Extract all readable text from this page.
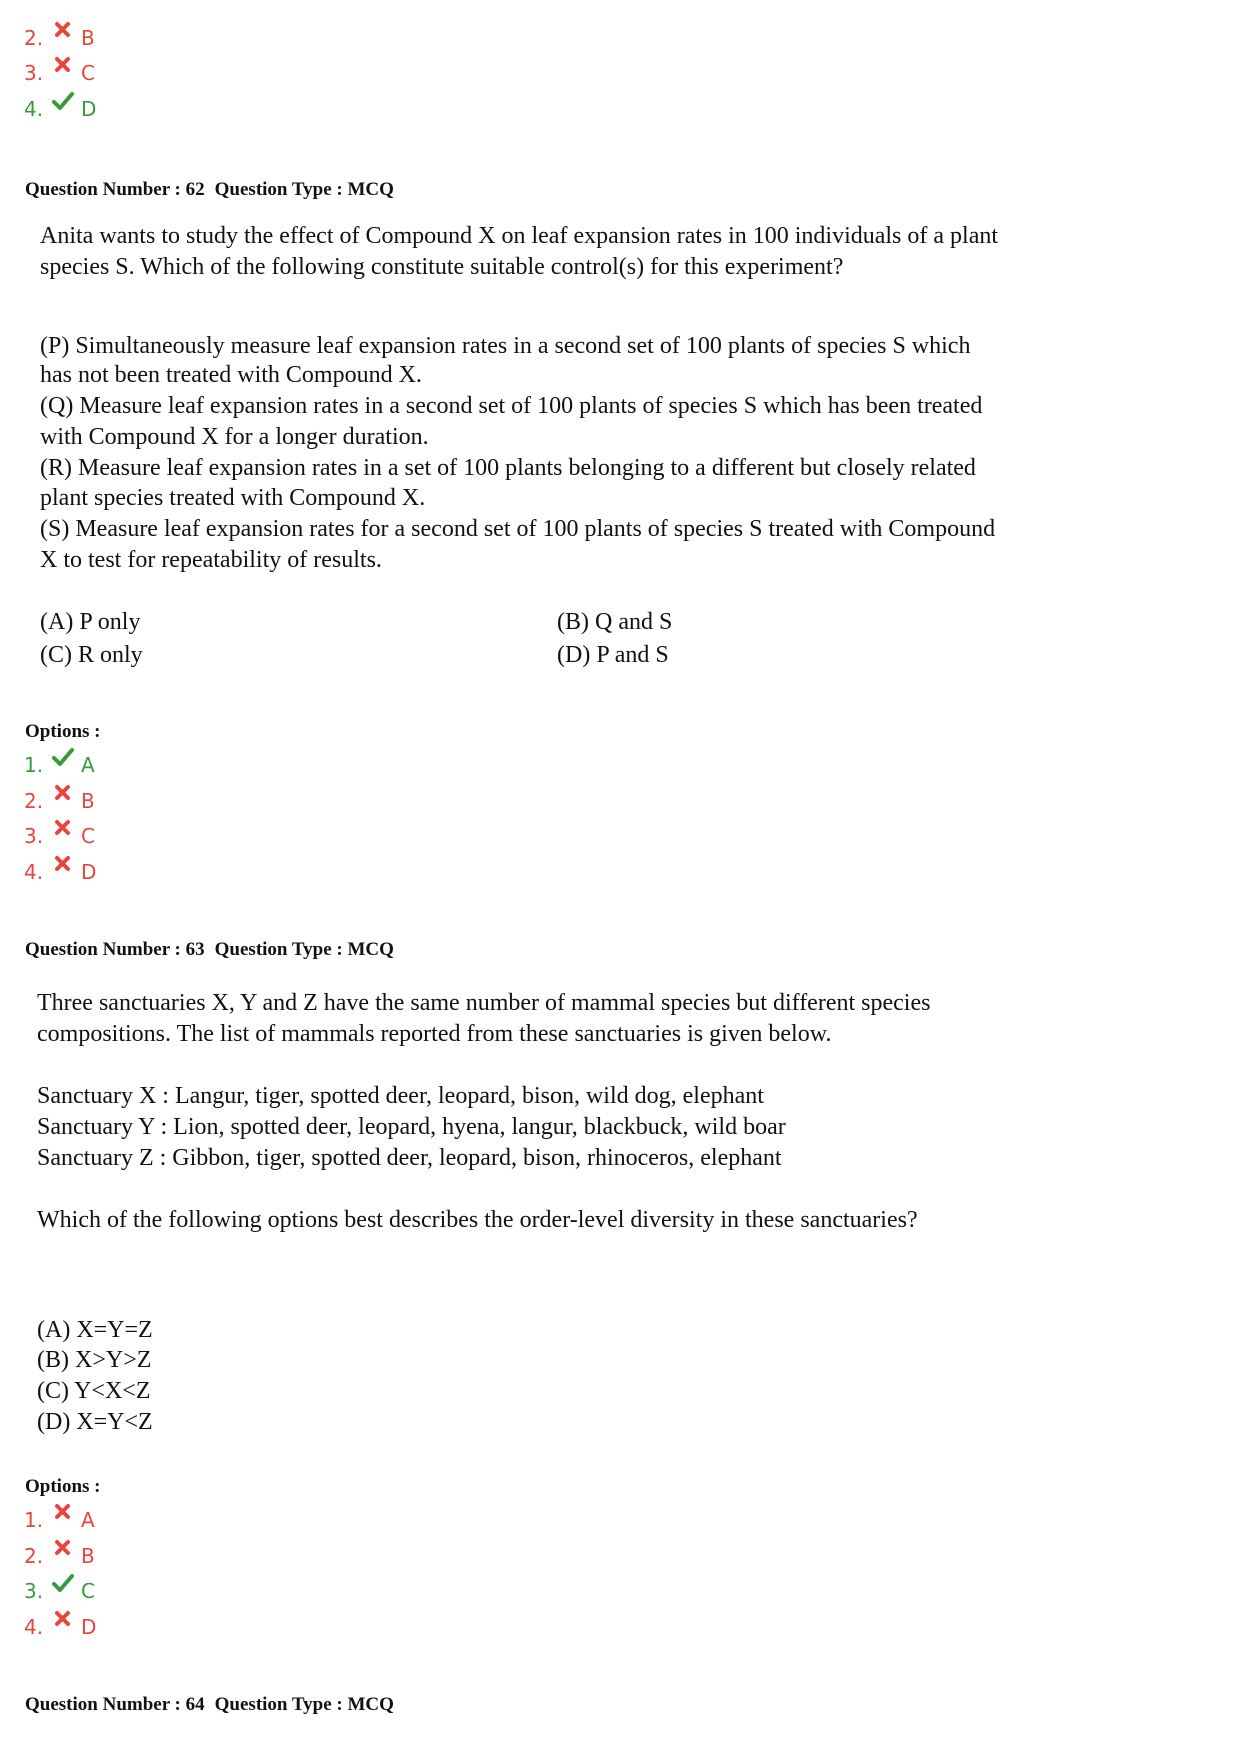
2. B
3. C
4. D
Question Number : 62 Question Type : MCQ
Anita wants to study the effect of Compound X on leaf expansion rates in 100 individuals of a plant
species S. Which of the following constitute suitable control(s) for this experiment?
(P) Simultaneously measure leaf expansion rates in a second set of 100 plants of species S which
has not been treated with Compound X.
(Q) Measure leaf expansion rates in a second set of 100 plants of species S which has been treated
with Compound X for a longer duration.
(R) Measure leaf expansion rates in a set of 100 plants belonging to a different but closely related
plant species treated with Compound X.
(S) Measure leaf expansion rates for a second set of 100 plants of species S treated with Compound
X to test for repeatability of results.
(A) P only	(B) Q and S
(C) R only	(D) P and S
Options :
1. A
2. B
3. C
4. D
Question Number : 63 Question Type : MCQ
Three sanctuaries X, Y and Z have the same number of mammal species but different species
compositions. The list of mammals reported from these sanctuaries is given below.
Sanctuary X : Langur, tiger, spotted deer, leopard, bison, wild dog, elephant
Sanctuary Y : Lion, spotted deer, leopard, hyena, langur, blackbuck, wild boar
Sanctuary Z : Gibbon, tiger, spotted deer, leopard, bison, rhinoceros, elephant
Which of the following options best describes the order-level diversity in these sanctuaries?
(A) X=Y=Z
(B) X>Y>Z
(C) Y<X<Z
(D) X=Y<Z
Options :
1. A
2. B
3. C
4. D
Question Number : 64 Question Type : MCQ
